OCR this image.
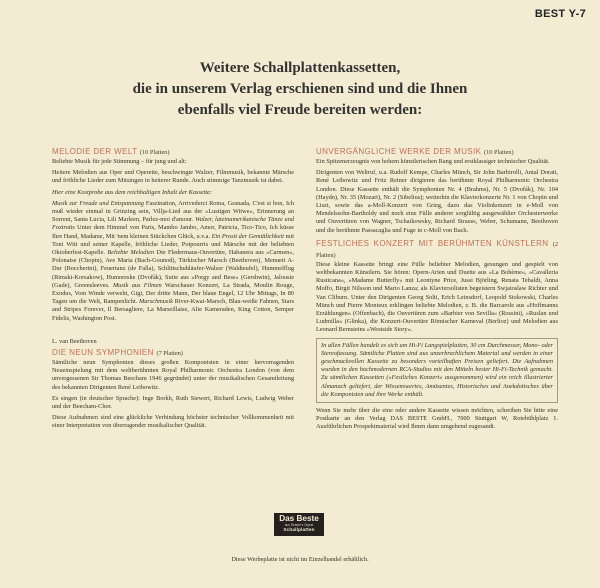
BEST Y-7
Weitere Schallplattenkassetten,
die in unserem Verlag erschienen sind und die Ihnen
ebenfalls viel Freude bereiten werden:
MELODIE DER WELT (10 Platten)

Beliebte Musik für jede Stimmung – für jung und alt:

Heitere Melodien aus Oper und Operette, beschwingte Walzer, Filmmusik, bekannte Märsche und fröhliche Lieder zum Mitsingen in heiterer Runde. Auch stimmige Tanzmusik ist dabei.

Hier eine Kostprobe aus dem reichhaltigen Inhalt der Kassette:

Musik zur Freude und Entspannung Faszination, Arrivederci Roma, Granada, C'est si bon, Ich muß wieder einmal in Grinzing sein, Villja-Lied aus der »Lustigen Witwe«, Erinnerung an Sorrent, Santa Lucia, Lili Marleen, Parlez-moi d'amour. Walzer, lateinamerikanische Tänze und Foxtrotts Unter dem Himmel von Paris, Mambo Jambo, Amor, Patricia, Tico-Tico, Ich küsse Ihre Hand, Madame, Mit 'nem kleinen Stückchen Glück, u.v.a. Ein Prosit der Gemütlichkeit mit Toni Witt und seiner Kapelle, fröhliche Lieder, Potpourris und Märsche mit der beliebten Oktoberfest-Kapelle. Beliebte Melodien Die Fledermaus-Ouvertüre, Habanera aus »Carmen«, Polonaise (Chopin), Ave Maria (Bach-Gounod), Türkischer Marsch (Beethoven), Menuett A-Dur (Boccherini), Feuertanz (de Falla), Schlittschuhläufer-Walzer (Waldteufel), Hummelflug (Rimski-Korsakow), Humoreske (Dvořák), Suite aus »Porgy and Bess« (Gershwin), Jalousie (Gade), Greensleeves. Musik aus Filmen Warschauer Konzert, La Strada, Moulin Rouge, Exodus, Vom Winde verweht, Gigi, Der dritte Mann, Der blaue Engel, 12 Uhr Mittags, In 80 Tagen um die Welt, Rampenlicht. Marschmusik River-Kwai-Marsch, Blau-weiße Fahnen, Stars and Stripes Forever, Il Bersagliere, La Marseillaise, Alte Kameraden, King Cotton, Semper Fidelis, Washington Post.

L. van Beethoven
DIE NEUN SYMPHONIEN (7 Platten)

Sämtliche neun Symphonien dieses großen Komponisten in einer hervorragenden Neueinspielung mit dem weltberühmten Royal Philharmonic Orchestra London (von dem unvergessenen Sir Thomas Beecham 1946 gegründet) unter der musikalischen Gesamtleitung des bekannten Dirigenten René Leibowitz.

Es singen (in deutscher Sprache): Inge Borkh, Ruth Siewert, Richard Lewis, Ludwig Weber und der Beecham-Chor.

Diese Aufnahmen sind eine glückliche Verbindung höchster technischer Vollkommenheit mit einer Interpretation von überragender musikalischer Qualität.

UNVERGÄNGLICHE WERKE DER MUSIK (10 Platten)

Ein Spitzenerzeugnis von hohem künstlerischen Rang und erstklassiger technischer Qualität.

Dirigenten von Weltruf, u.a. Rudolf Kempe, Charles Münch, Sir John Barbirolli, Antal Dorati, René Leibowitz und Fritz Reiner dirigieren das berühmte Royal Philharmonic Orchestra London. Diese Kassette enthält die Symphonien Nr. 4 (Brahms), Nr. 5 (Dvořák), Nr. 104 (Haydn), Nr. 35 (Mozart), Nr. 2 (Sibelius); weiterhin die Klavierkonzerte Nr. 1 von Chopin und Liszt, sowie das a-Moll-Konzert von Grieg, dazu das Violinkonzert in e-Moll von Mendelssohn-Bartholdy und noch eine Fülle anderer sorgfältig ausgewählter Orchesterwerke und Ouvertüren von Wagner, Tschaikowsky, Richard Strauss, Weber, Schumann, Beethoven und die berühmte Passacaglia und Fuge in c-Moll von Bach.

FESTLICHES KONZERT MIT BERÜHMTEN KÜNSTLERN (2 Platten)

Diese kleine Kassette bringt eine Fülle beliebter Melodien, gesungen und gespielt von weltbekannten Künstlern. Sie hören: Opern-Arien und Duette aus »La Bohème«, »Cavalleria Rusticana«, »Madame Butterfly« mit Leontyne Price, Jussi Björling, Renata Tebaldi, Anna Moffo, Birgit Nilsson und Mario Lanza; als Klaviersolisten begeistern Swjatoslaw Richter und Van Cliburn. Unter den Dirigenten Georg Solti, Erich Leinsdorf, Leopold Stokowski, Charles Münch und Pierre Monteux erklingen beliebte Melodien, z. B. die Barcarole aus »Hoffmanns Erzählungen« (Offenbach), die Ouvertüren zum »Barbier von Sevilla« (Rossini), »Ruslan und Ludmilla« (Glinka), die Konzert-Ouvertüre Römischer Karneval (Berlioz) und Melodien aus Leonard Bernsteins »Westside Story«.

In allen Fällen handelt es sich um Hi-Fi Langspielplatten, 30 cm Durchmesser, Mono- oder Stereofassung. Sämtliche Platten sind aus unzerbrechlichem Material und werden in einer geschmackvollen Kassette zu besonders vorteilhaften Preisen geliefert. Die Aufnahmen wurden in den hochmodernen RCA-Studios mit den Mitteln bester Hi-Fi-Technik gemacht. Zu sämtlichen Kassetten (»Festliches Konzert« ausgenommen) wird ein reich illustrierter Almanach geliefert, der Wissenswertes, Amüsantes, Historisches und Anekdotisches über die Komponisten und ihre Werke enthält.

Wenn Sie mehr über die eine oder andere Kassette wissen möchten, schreiben Sie bitte eine Postkarte an den Verlag DAS BESTE GmbH., 7000 Stuttgart W, Rotebühlplatz 1. Ausführlichen Prospektmaterial wird Ihnen dann umgehend zugesandt.

Das Beste
aus Reader's Digest
Schallplatten
Diese Werbeplatte ist nicht im Einzelhandel erhältlich.
